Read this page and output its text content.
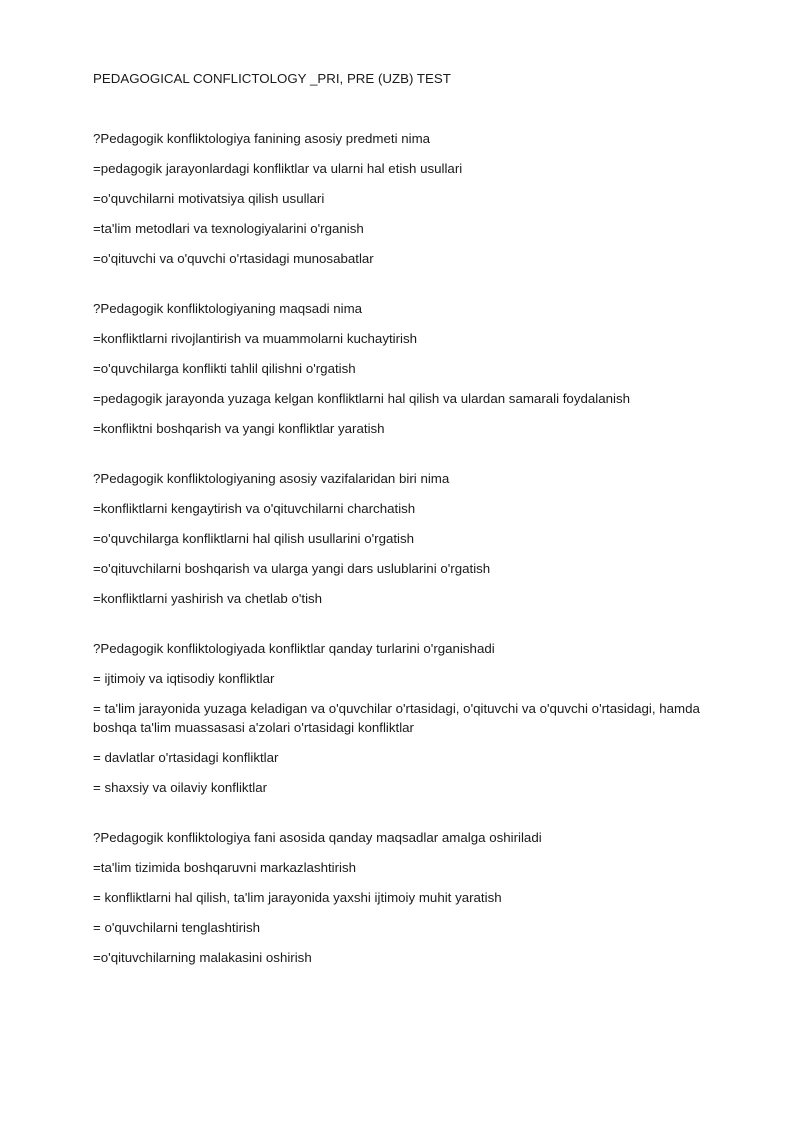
PEDAGOGICAL CONFLICTOLOGY _PRI, PRE (UZB) TEST
?Pedagogik konfliktologiya fanining asosiy predmeti nima
=pedagogik jarayonlardagi konfliktlar va ularni hal etish usullari
=o'quvchilarni motivatsiya qilish usullari
=ta'lim metodlari va texnologiyalarini o'rganish
=o'qituvchi va o'quvchi o'rtasidagi munosabatlar
?Pedagogik konfliktologiyaning maqsadi nima
=konfliktlarni rivojlantirish va muammolarni kuchaytirish
=o'quvchilarga konflikti tahlil qilishni o'rgatish
=pedagogik jarayonda yuzaga kelgan konfliktlarni hal qilish va ulardan samarali foydalanish
=konfliktni boshqarish va yangi konfliktlar yaratish
?Pedagogik konfliktologiyaning asosiy vazifalaridan biri nima
=konfliktlarni kengaytirish va o'qituvchilarni charchatish
=o'quvchilarga konfliktlarni hal qilish usullarini o'rgatish
=o'qituvchilarni boshqarish va ularga yangi dars uslublarini o'rgatish
=konfliktlarni yashirish va chetlab o'tish
?Pedagogik konfliktologiyada konfliktlar qanday turlarini o'rganishadi
= ijtimoiy va iqtisodiy konfliktlar
= ta'lim jarayonida yuzaga keladigan va o'quvchilar o'rtasidagi, o'qituvchi va o'quvchi o'rtasidagi, hamda boshqa ta'lim muassasasi a'zolari o'rtasidagi konfliktlar
= davlatlar o'rtasidagi konfliktlar
= shaxsiy va oilaviy konfliktlar
?Pedagogik konfliktologiya fani asosida qanday maqsadlar amalga oshiriladi
=ta'lim tizimida boshqaruvni markazlashtirish
= konfliktlarni hal qilish, ta'lim jarayonida yaxshi ijtimoiy muhit yaratish
= o'quvchilarni tenglashtirish
=o'qituvchilarning malakasini oshirish
